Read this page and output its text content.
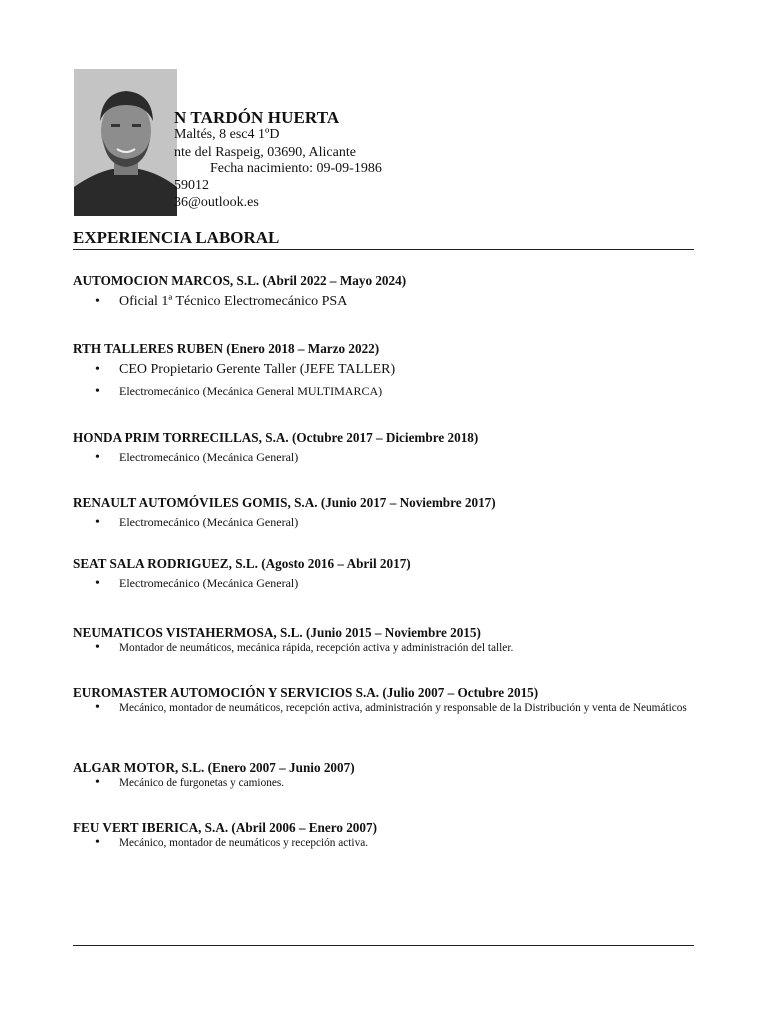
N TARDÓN HUERTA
Maltés, 8 esc4 1ºD
nte del Raspeig, 03690, Alicante
Fecha nacimiento: 09-09-1986
59012
36@outlook.es
EXPERIENCIA LABORAL
AUTOMOCION MARCOS, S.L. (Abril 2022 – Mayo 2024)
• Oficial 1ª Técnico Electromecánico PSA
RTH TALLERES RUBEN (Enero 2018 – Marzo 2022)
• CEO Propietario Gerente Taller (JEFE TALLER)
• Electromecánico (Mecánica General MULTIMARCA)
HONDA PRIM TORRECILLAS, S.A. (Octubre 2017 – Diciembre 2018)
• Electromecánico (Mecánica General)
RENAULT AUTOMÓVILES GOMIS, S.A. (Junio 2017 – Noviembre 2017)
• Electromecánico (Mecánica General)
SEAT SALA RODRIGUEZ, S.L. (Agosto 2016 – Abril 2017)
• Electromecánico (Mecánica General)
NEUMATICOS VISTAHERMOSA, S.L. (Junio 2015 – Noviembre 2015)
• Montador de neumáticos, mecánica rápida, recepción activa y administración del taller.
EUROMASTER AUTOMOCIÓN Y SERVICIOS S.A. (Julio 2007 – Octubre 2015)
• Mecánico, montador de neumáticos, recepción activa, administración y responsable de la Distribución y venta de Neumáticos
ALGAR MOTOR, S.L. (Enero 2007 – Junio 2007)
• Mecánico de furgonetas y camiones.
FEU VERT IBERICA, S.A. (Abril 2006 – Enero 2007)
• Mecánico, montador de neumáticos y recepción activa.
